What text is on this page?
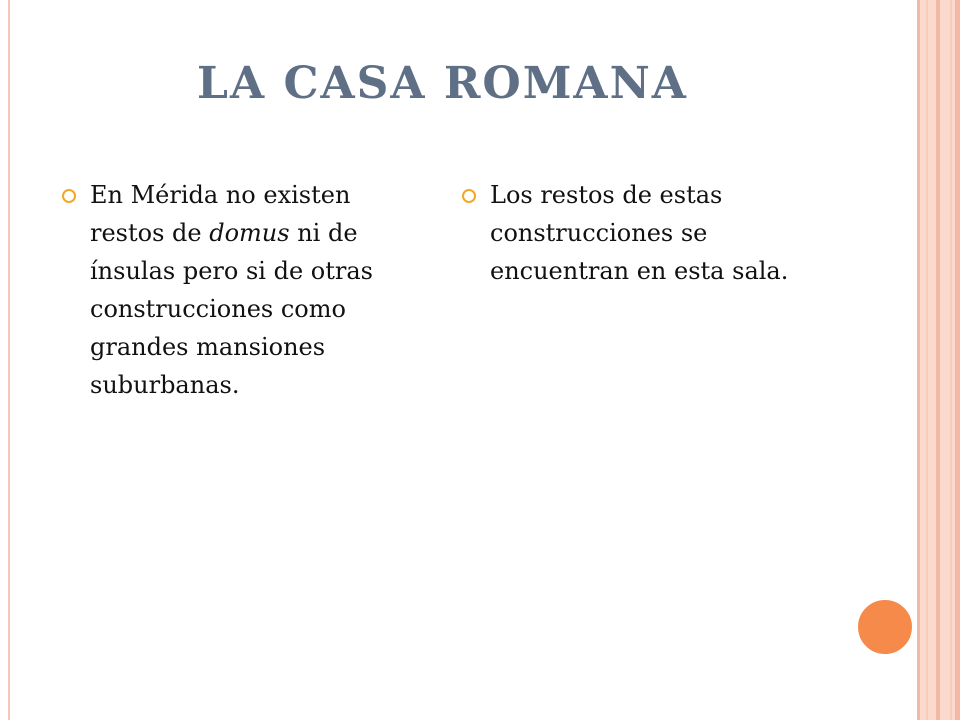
LA CASA ROMANA
En Mérida no existen restos de domus ni de ínsulas pero si de otras construcciones como grandes mansiones suburbanas.
Los restos de estas construcciones se encuentran en esta sala.
